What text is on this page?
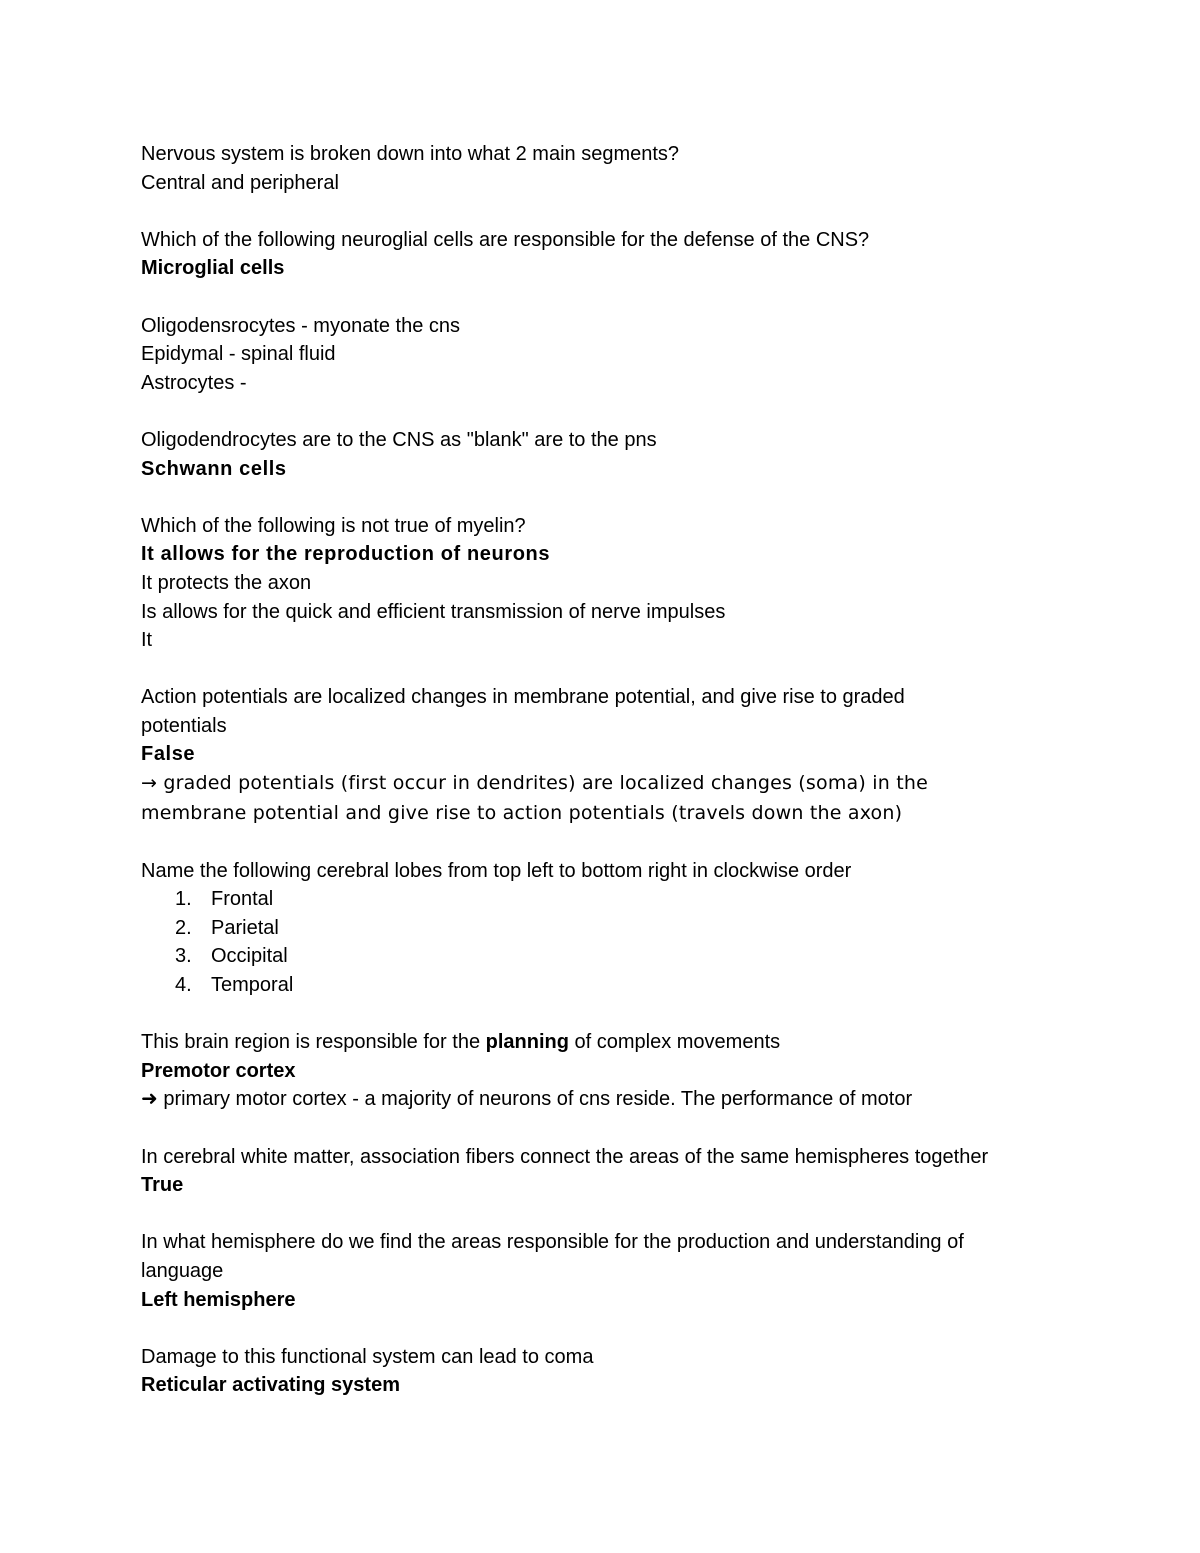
Nervous system is broken down into what 2 main segments?

Central and peripheral

Which of the following neuroglial cells are responsible for the defense of the CNS?

Microglial cells

Oligodensrocytes - myonate the cns

Epidymal - spinal fluid

Astrocytes -

Oligodendrocytes are to the CNS as "blank" are to the pns

Schwann cells

Which of the following is not true of myelin?

It allows for the reproduction of neurons

It protects the axon

Is allows for the quick and efficient transmission of nerve impulses

It

Action potentials are localized changes in membrane potential, and give rise to graded potentials

False

→ graded potentials (first occur in dendrites) are localized changes (soma) in the membrane potential and give rise to action potentials (travels down the axon)

Name the following cerebral lobes from top left to bottom right in clockwise order

1. Frontal
2. Parietal
3. Occipital
4. Temporal

This brain region is responsible for the planning of complex movements

Premotor cortex

➜ primary motor cortex - a majority of neurons of cns reside. The performance of motor

In cerebral white matter, association fibers connect the areas of the same hemispheres together

True

In what hemisphere do we find the areas responsible for the production and understanding of language

Left hemisphere

Damage to this functional system can lead to coma

Reticular activating system
